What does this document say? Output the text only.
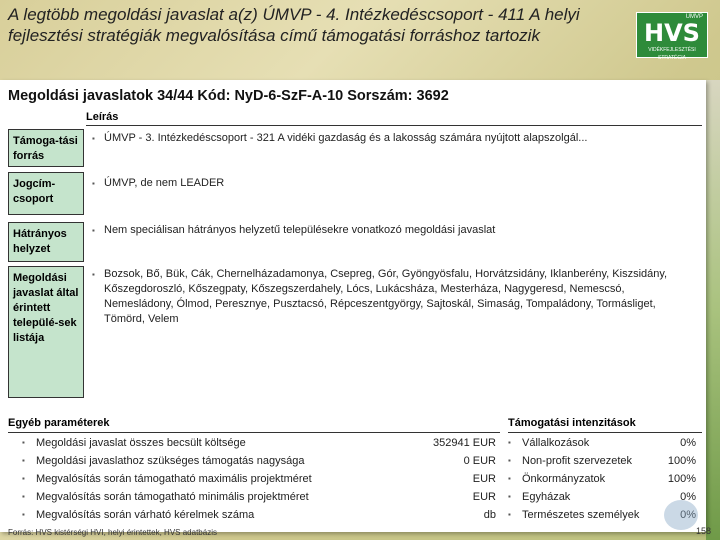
A legtöbb megoldási javaslat a(z) ÚMVP - 4. Intézkedéscsoport - 411 A helyi fejlesztési stratégiák megvalósítása című támogatási forráshoz tartozik
ÚMVP
HVS
VIDÉKFEJLESZTÉSI STRATÉGIA
Megoldási javaslatok 34/44 Kód: NyD-6-SzF-A-10 Sorszám: 3692
Leírás
Támoga-tási forrás
▪ ÚMVP - 3. Intézkedéscsoport - 321 A vidéki gazdaság és a lakosság számára nyújtott alapszolgál...
Jogcím-csoport
▪ ÚMVP, de nem LEADER
Hátrányos helyzet
▪ Nem speciálisan hátrányos helyzetű településekre vonatkozó megoldási javaslat
Megoldási javaslat által érintett települé-sek listája
▪ Bozsok, Bő, Bük, Cák, Chernelházadamonya, Csepreg, Gór, Gyöngyösfalu, Horvátzsidány, Iklanberény, Kiszsidány, Kőszegdoroszló, Kőszegpaty, Kőszegszerdahely, Lócs, Lukácsháza, Mesterháza, Nagygeresd, Nemescsó, Nemesládony, Ólmod, Peresznye, Pusztacsó, Répceszentgyörgy, Sajtoskál, Simaság, Tompaládony, Tormásliget, Tömörd, Velem
Egyéb paraméterek	Támogatási intenzitások
▪ Megoldási javaslat összes becsült költsége	352941 EUR
▪ Megoldási javaslathoz szükséges támogatás nagysága	0 EUR
▪ Megvalósítás során támogatható maximális projektméret	EUR
▪ Megvalósítás során támogatható minimális projektméret	EUR
▪ Megvalósítás során várható kérelmek száma	db
▪ Vállalkozások	0%
▪ Non-profit szervezetek	100%
▪ Önkormányzatok	100%
▪ Egyházak	0%
▪ Természetes személyek	0%
Forrás: HVS kistérségi HVI, helyi érintettek, HVS adatbázis	158
